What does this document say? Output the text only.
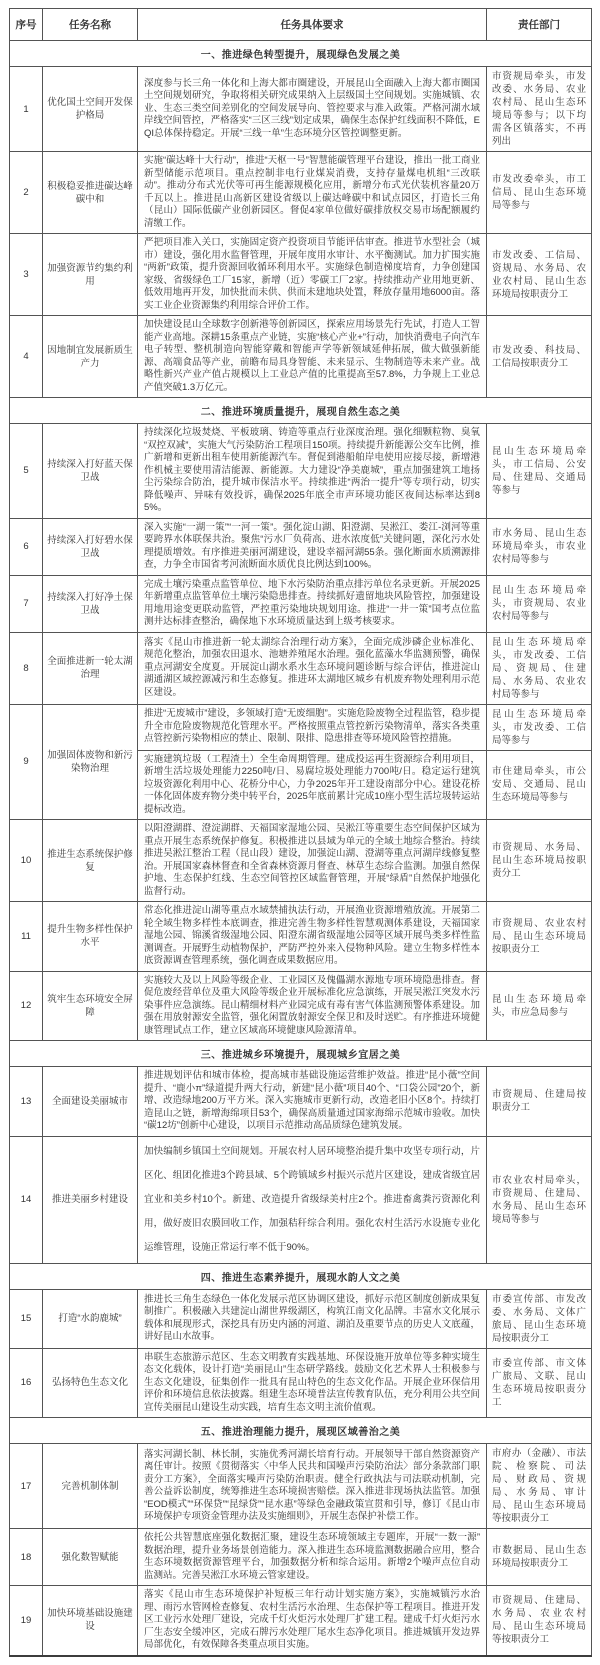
序号	任务名称	任务具体要求	责任部门
一、推进绿色转型提升，展现绿色发展之美			
1	优化国土空间开发保护格局	深度参与长三角一体化和上海大都市圈建设，开展昆山全面融入上海大都市圈国土空间规划研究，争取将相关研究成果纳入上层级国土空间规划。实施城镇、农业、生态三类空间差别化的空间发展导向、管控要求与准入政策。严格河湖水域岸线空间管控，严格落实“三区三线”划定成果，确保生态保护红线面积不降低，EQI总体保持稳定。开展“三线一单”生态环境分区管控调整更新。	市资规局牵头，市发改委、水务局、农业农村局、昆山生态环境局等参与；以下均需各区镇落实，不再列出
2	积极稳妥推进碳达峰碳中和	实施“碳达峰十大行动”，推进“天枢一号”智慧能碳管理平台建设，推出一批工商业新型储能示范项目。重点控制非电行业煤炭消费，支持存量煤电机组“三改联动”。推动分布式光伏等可再生能源规模化应用，新增分布式光伏装机容量20万千瓦以上。推进昆山高新区建设省级以上碳达峰碳中和试点园区，打造长三角（昆山）国际低碳产业创新园区。督促4家单位做好碳排放权交易市场配额履约清缴工作。	市发改委牵头，市工信局、昆山生态环境局等参与
3	加强资源节约集约利用	严把项目准入关口，实施固定资产投资项目节能评估审查。推进节水型社会（城市）建设，强化用水监督管理，开展年度用水审计、水平衡测试。加力扩围实施“两新”政策，提升资源回收循环利用水平。实施绿色制造梯度培育，力争创建国家级、省级绿色工厂15家，新增（近）零碳工厂2家。持续推动产业用地更新、低效用地再开发，加快批而未供、供而未建地块处置，释放存量用地6000亩。落实工业企业资源集约利用综合评价工作。	市发改委、工信局、资规局、水务局、农业农村局、昆山生态环境局按职责分工
4	因地制宜发展新质生产力	加快建设昆山全球数字创新港等创新园区，探索应用场景先行先试，打造人工智能产业高地。深耕15条重点产业链，实施“核心产业+”行动，加快消费电子向汽车电子转型、整机制造向智能穿戴和智能声学等新领域延伸拓展，做大做强新能源、高端食品等产业，前瞻布局具身智能、未来显示、生物制造等未来产业。战略性新兴产业产值占规模以上工业总产值的比重提高至57.8%，力争规上工业总产值突破1.3万亿元。	市发改委、科技局、工信局按职责分工
二、推进环境质量提升，展现自然生态之美			
5	持续深入打好蓝天保卫战	持续深化垃圾焚烧、平板玻璃、铸造等重点行业深度治理。强化细颗粒物、臭氧“双控双减”，实施大气污染防治工程项目150项。持续提升新能源公交车比例，推广新增和更新出租车使用新能源汽车。督促到港船舶岸电使用应接尽接，新增港作机械主要使用清洁能源、新能源。大力建设“净美鹿城”，重点加强建筑工地扬尘污染综合防治，提升城市保洁水平。持续推进“两治一提升”等专项行动，切实降低噪声、异味有效投诉，确保2025年底全市声环境功能区夜间达标率达到85%。	昆山生态环境局牵头，市工信局、公安局、住建局、交通局等参与
6	持续深入打好碧水保卫战	深入实施“一湖一策”“一河一策”。强化淀山湖、阳澄湖、吴淞江、娄江-浏河等重要跨界水体联保共治。聚焦“污水厂负荷高、进水浓度低”关键问题，深化污水处理提质增效。有序推进美丽河湖建设，建设幸福河湖55条。强化断面水质溯源排查，力争全市国省考河流断面水质优良比例达到100%。	市水务局、昆山生态环境局牵头，市农业农村局等参与
7	持续深入打好净土保卫战	完成土壤污染重点监管单位、地下水污染防治重点排污单位名录更新。开展2025年新增重点监管单位土壤污染隐患排查。持续抓好遗留地块风险管控，加强建设用地用途变更联动监管，严控重污染地块规划用途。推进“一井一策”国考点位监测井达标排查整治，确保地下水环境质量达到上级考核要求。	昆山生态环境局牵头，市资规局、农业农村局等参与
8	全面推进新一轮太湖治理	落实《昆山市推进新一轮太湖综合治理行动方案》，全面完成涉磷企业标准化、规范化整治，加强农田退水、池塘养殖尾水治理。强化蓝藻水华监测预警，确保重点河湖安全度夏。开展淀山湖水系水生态环境问题诊断与综合评估，推进淀山湖通湖区域控源减污和生态修复。推进环太湖地区城乡有机废弃物处理利用示范区建设。	昆山生态环境局牵头，市发改委、工信局、资规局、住建局、水务局、农业农村局等参与
9	加强固体废物和新污染物治理	推进“无废城市”建设，多领域打造“无废细胞”。实施危险废物全过程监管，稳步提升全市危险废物规范化管理水平。严格按照重点管控新污染物清单，落实各类重点管控新污染物相应的禁止、限制、限排、隐患排查等环境风险管控措施。	昆山生态环境局牵头，市发改委、工信局等参与
		实施建筑垃圾（工程渣土）全生命周期管理。建成投运再生资源综合利用项目，新增生活垃圾处理能力2250吨/日、易腐垃圾处理能力700吨/日。稳定运行建筑垃圾资源化利用中心、花桥分中心，力争2025年开工建设南部分中心。建设花桥一体化固体废弃物分类中转平台，2025年底前累计完成10座小型生活垃圾转运站提标改造。	市住建局牵头，市公安局、交通局、昆山生态环境局等参与
10	推进生态系统保护修复	以阳澄湖群、澄淀湖群、天福国家湿地公园、吴淞江等重要生态空间保护区域为重点开展生态系统保护修复。积极推进以县域为单元的全域土地综合整治。持续推进吴淞江整治工程（昆山段）建设，加强淀山湖、澄湖等重点河湖岸线修复整治。开展国家森林督查和全省森林资源月督查、林草生态综合监测。加强自然保护地、生态保护红线、生态空间管控区域监督管理，开展“绿盾”自然保护地强化监督行动。	市资规局、水务局、昆山生态环境局按职责分工
11	提升生物多样性保护水平	常态化推进淀山湖等重点水域禁捕执法行动，开展渔业资源增殖放流。开展第二轮全域生物多样性本底调查，推进完善生物多样性智慧观测体系建设，天福国家湿地公园、锦溪省级湿地公园、阳澄东湖省级湿地公园等区域开展鸟类多样性监测调查。开展野生动植物保护，严防严控外来入侵物种风险。建立生物多样性本底资源调查管理系统，强化调查成果数据应用。	市资规局、农业农村局、昆山生态环境局按职责分工
12	筑牢生态环境安全屏障	实施较大及以上风险等级企业、工业园区及傀儡湖水源地专项环境隐患排查。督促危废经营单位及重大风险等级企业开展标准化应急演练，开展吴淞江突发水污染事件应急演练。昆山精细材料产业园完成有毒有害气体监测预警体系建设。加强在用放射源安全监管，强化闲置放射源安全保卫和及时送贮。有序推进环境健康管理试点工作，建立区域高环境健康风险源清单。	昆山生态环境局牵头，市应急局参与
三、推进城乡环境提升，展现城乡宜居之美			
13	全面建设美丽城市	推进规划评估和城市体检，提高城市基础设施运营维护效益。推进“昆小薇”空间提升、“鹿小π”绿道提升两大行动，新建“昆小薇”项目40个、“口袋公园”20个，新增、改造绿地200万平方米。深入实施城市更新行动，改造老旧小区8个。持续打造昆山之链，新增海绵项目53个，确保高质量通过国家海绵示范城市验收。加快“碳12坊”创新中心建设，以项目示范推动高品质绿色建筑发展。	市资规局、住建局按职责分工
14	推进美丽乡村建设	加快编制乡镇国土空间规划。开展农村人居环境整治提升集中攻坚专项行动，片区化、组团化推进3个跨县域、5个跨镇域乡村振兴示范片区建设，建成省级宜居宜业和美乡村10个。新建、改造提升省级绿美村庄2个。推进畜禽粪污资源化利用，做好废旧农膜回收工作，加强秸秆综合利用。强化农村生活污水设施专业化运维管理，设施正常运行率不低于90%。	市农业农村局牵头，市资规局、住建局、水务局、昆山生态环境局等参与
四、推进生态素养提升，展现水韵人文之美			
15	打造“水韵鹿城”	推进长三角生态绿色一体化发展示范区协调区建设，抓好示范区制度创新成果复制推广。积极融入共建淀山湖世界级湖区，构筑江南文化品牌。丰富水文化展示载体和展现形式，深挖具有历史内涵的河道、湖泊及重要节点的历史人文底蕴，讲好昆山水故事。	市委宣传部、市发改委、水务局、文体广旅局、昆山生态环境局按职责分工
16	弘扬特色生态文化	串联生态旅游示范区、生态文明教育实践基地、环保设施开放单位等多种实境生态文化载体，设计打造“美丽昆山”生态研学路线。鼓励文化艺术界人士积极参与生态文化建设，征集创作一批具有昆山特色的生态文化作品。开展企业环保信用评价和环境信息依法披露。组建生态环境普法宣传教育队伍，充分利用公共空间宣传美丽昆山建设生动实践，培育生态文明主流价值观。	市委宣传部、市文体广旅局、文联、昆山生态环境局按职责分工
五、推进治理能力提升，展现区域善治之美			
17	完善机制体制	落实河湖长制、林长制，实施优秀河湖长培育行动。开展领导干部自然资源资产离任审计。按照《贯彻落实〈中华人民共和国噪声污染防治法〉部分条款部门职责分工方案》，全面落实噪声污染防治职责。健全行政执法与司法联动机制，完善公益诉讼制度，统筹推进生态环境损害赔偿。深入推进非现场执法监管。加强“EOD模式”“环保贷”“昆绿贷”“昆水惠”等绿色金融政策宣贯和引导，修订《昆山市环境保护专项资金管理办法及实施细则》，开展生态保护补偿工作。	市府办（金融）、市法院、检察院、司法局、财政局、资规局、水务局、审计局、昆山生态环境局等按职责分工
18	强化数智赋能	依托公共智慧底座强化数据汇聚，建设生态环境领域主专题库，开展“一数一源”数据治理，提升业务场景创造能力。深入推进生态环境监测数据融合应用，整合生态环境数据资源管理平台，加强数据分析和综合运用。新增2个噪声点位自动监测站。完善吴淞江水环境云管家建设。	市数据局、昆山生态环境局按职责分工
19	加快环境基础设施建设	落实《昆山市生态环境保护补短板三年行动计划实施方案》，实施城镇污水治理、雨污水管网检查修复、农村生活污水治理、生态保护等工程项目。推进开发区工业污水处理厂建设，完成千灯火炬污水处理厂扩建工程。建成千灯火炬污水厂生态安全缓冲区，完成石牌污水处理厂尾水生态净化项目。推进城镇开发边界局部优化，有效保障各类重点项目实施。	市资规局、住建局、水务局、农业农村局、昆山生态环境局等按职责分工
